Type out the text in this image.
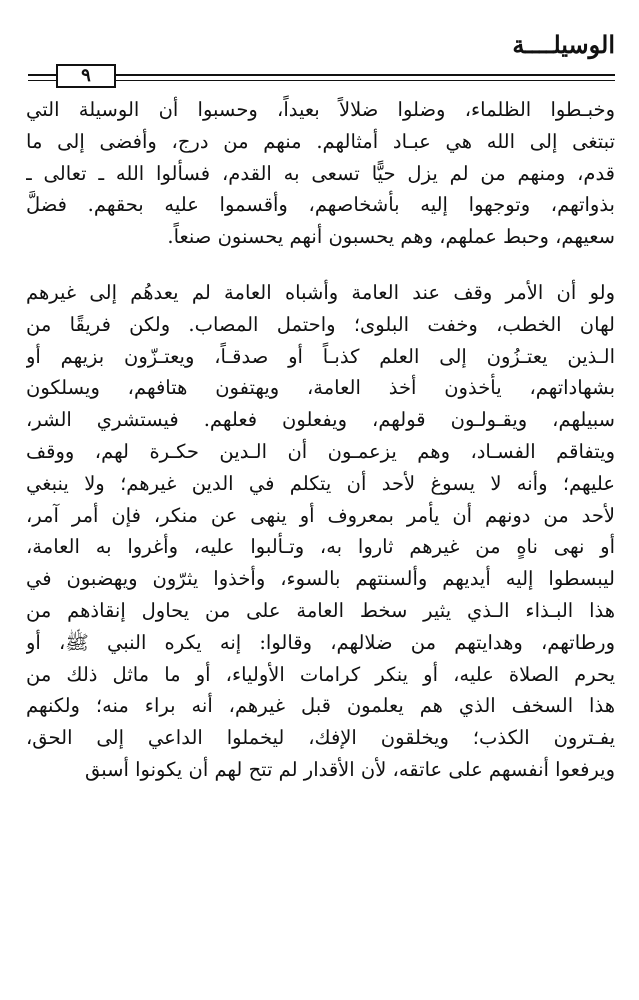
الوسيلــــة
٩
وخبـطوا الظلماء، وضلوا ضلالاً بعيداً، وحسبوا أن الوسيلة التي
تبتغى إلى الله هي عبـاد أمثالهم. منهم من درج، وأفضى إلى ما
قدم، ومنهم من لم يزل حيًّا تسعى به القدم، فسألوا الله ـ تعالى ـ
بذواتهم، وتوجهوا إليه بأشخاصهم، وأقسموا عليه بحقهم. فضلَّ
سعيهم، وحبط عملهم، وهم يحسبون أنهم يحسنون صنعاً.
ولو أن الأمر وقف عند العامة وأشباه العامة لم يعدهُم إلى غيرهم
لهان الخطب، وخفت البلوى؛ واحتمل المصاب. ولكن فريقًا من
الـذين يعتـزُون إلى العلم كذبـاً أو صدقـاً، ويعتـزّون بزيهم أو
بشهاداتهم، يأخذون أخذ العامة، ويهتفون هتافهم، ويسلكون
سبيلهم، ويقـولـون قولهم، ويفعلون فعلهم. فيستشري الشر،
ويتفاقم الفسـاد، وهم يزعمـون أن الـدين حكـرة لهم، ووقف
عليهم؛ وأنه لا يسوغ لأحد أن يتكلم في الدين غيرهم؛ ولا ينبغي
لأحد من دونهم أن يأمر بمعروف أو ينهى عن منكر، فإن أمر آمر،
أو نهى ناهٍ من غيرهم ثاروا به، وتـألبوا عليه، وأغروا به العامة،
ليبسطوا إليه أيديهم وألسنتهم بالسوء، وأخذوا يثرّون ويهضبون في
هذا البـذاء الـذي يثير سخط العامة على من يحاول إنقاذهم من
ورطاتهم، وهدايتهم من ضلالهم، وقالوا: إنه يكره النبي ﷺ، أو
يحرم الصلاة عليه، أو ينكر كرامات الأولياء، أو ما ماثل ذلك من
هذا السخف الذي هم يعلمون قبل غيرهم، أنه براء منه؛ ولكنهم
يفـترون الكذب؛ ويخلقون الإفك، ليخملوا الداعي إلى الحق،
ويرفعوا أنفسهم على عاتقه، لأن الأقدار لم تتح لهم أن يكونوا أسبق
